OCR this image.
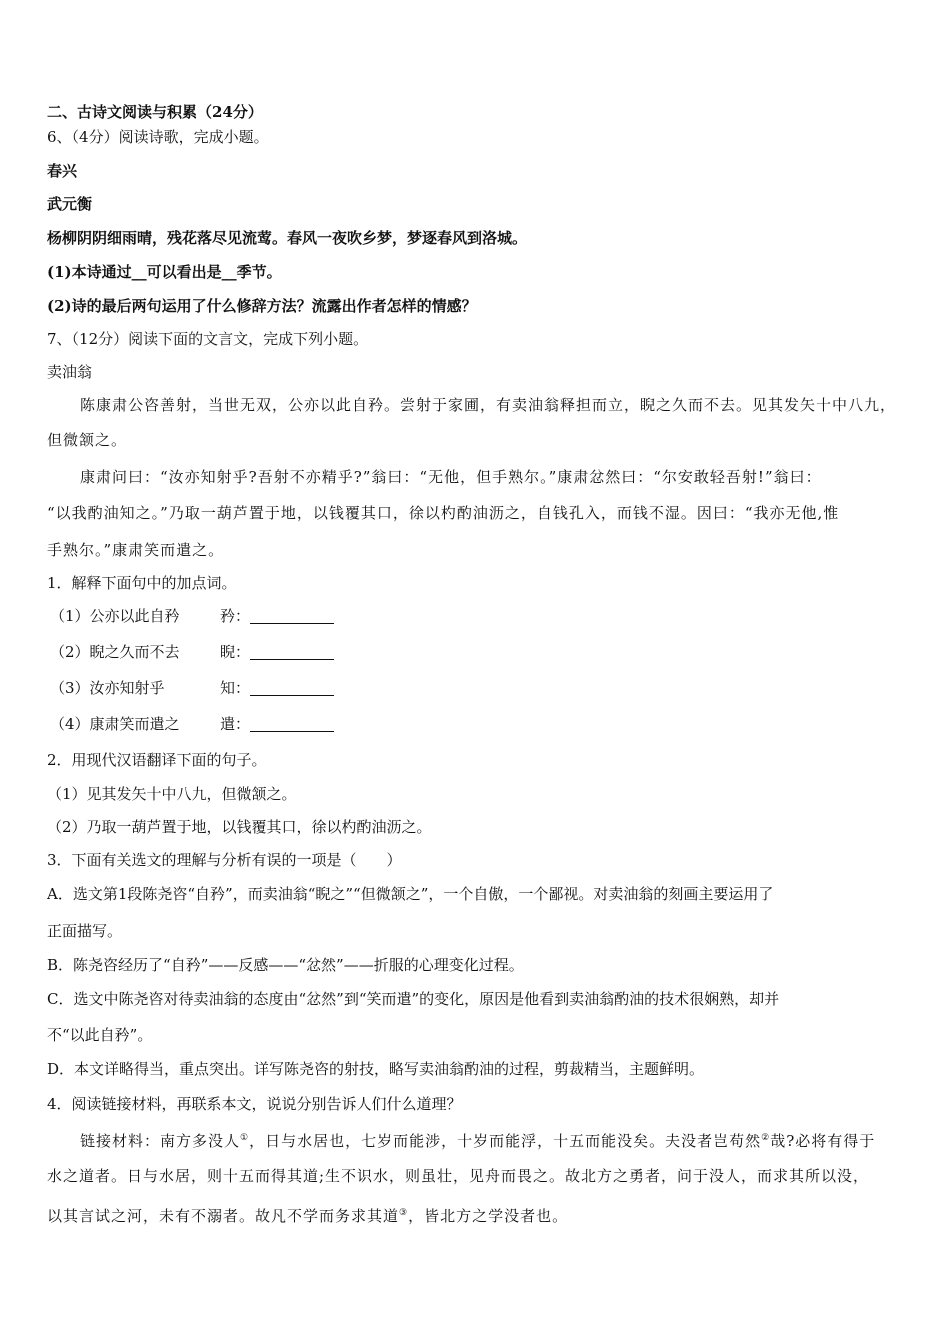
二、古诗文阅读与积累（24分）
6、（4分）阅读诗歌，完成小题。
春兴
武元衡
杨柳阴阴细雨晴，残花落尽见流莺。春风一夜吹乡梦，梦逐春风到洛城。
(1)本诗通过__可以看出是__季节。
(2)诗的最后两句运用了什么修辞方法？流露出作者怎样的情感？
7、（12分）阅读下面的文言文，完成下列小题。
卖油翁
陈康肃公咨善射，当世无双，公亦以此自矜。尝射于家圃，有卖油翁释担而立，睨之久而不去。见其发矢十中八九，
但微颔之。
康肃问曰：“汝亦知射乎?吾射不亦精乎?”翁曰：“无他，但手熟尔。”康肃忿然曰：“尔安敢轻吾射!”翁曰：
“以我酌油知之。”乃取一葫芦置于地，以钱覆其口，徐以杓酌油沥之，自钱孔入，而钱不湿。因曰：“我亦无他,惟
手熟尔。”康肃笑而遣之。
1．解释下面句中的加点词。
（1）公亦以此自矜	矜：
（2）睨之久而不去	睨：
（3）汝亦知射乎	知：
（4）康肃笑而遣之	遣：
2．用现代汉语翻译下面的句子。
（1）见其发矢十中八九，但微颔之。
（2）乃取一葫芦置于地，以钱覆其口，徐以杓酌油沥之。
3．下面有关选文的理解与分析有误的一项是（　　）
A．选文第1段陈尧咨“自矜”，而卖油翁“睨之”“但微颔之”，一个自傲，一个鄙视。对卖油翁的刻画主要运用了
正面描写。
B．陈尧咨经历了“自矜”——反感——“忿然”——折服的心理变化过程。
C．选文中陈尧咨对待卖油翁的态度由“忿然”到“笑而遣”的变化，原因是他看到卖油翁酌油的技术很娴熟，却并
不“以此自矜”。
D．本文详略得当，重点突出。详写陈尧咨的射技，略写卖油翁酌油的过程，剪裁精当，主题鲜明。
4．阅读链接材料，再联系本文，说说分别告诉人们什么道理？
链接材料：南方多没人①，日与水居也，七岁而能涉，十岁而能浮，十五而能没矣。夫没者岂苟然②哉?必将有得于
水之道者。日与水居，则十五而得其道;生不识水，则虽壮，见舟而畏之。故北方之勇者，问于没人，而求其所以没，
以其言试之河，未有不溺者。故凡不学而务求其道③，皆北方之学没者也。
